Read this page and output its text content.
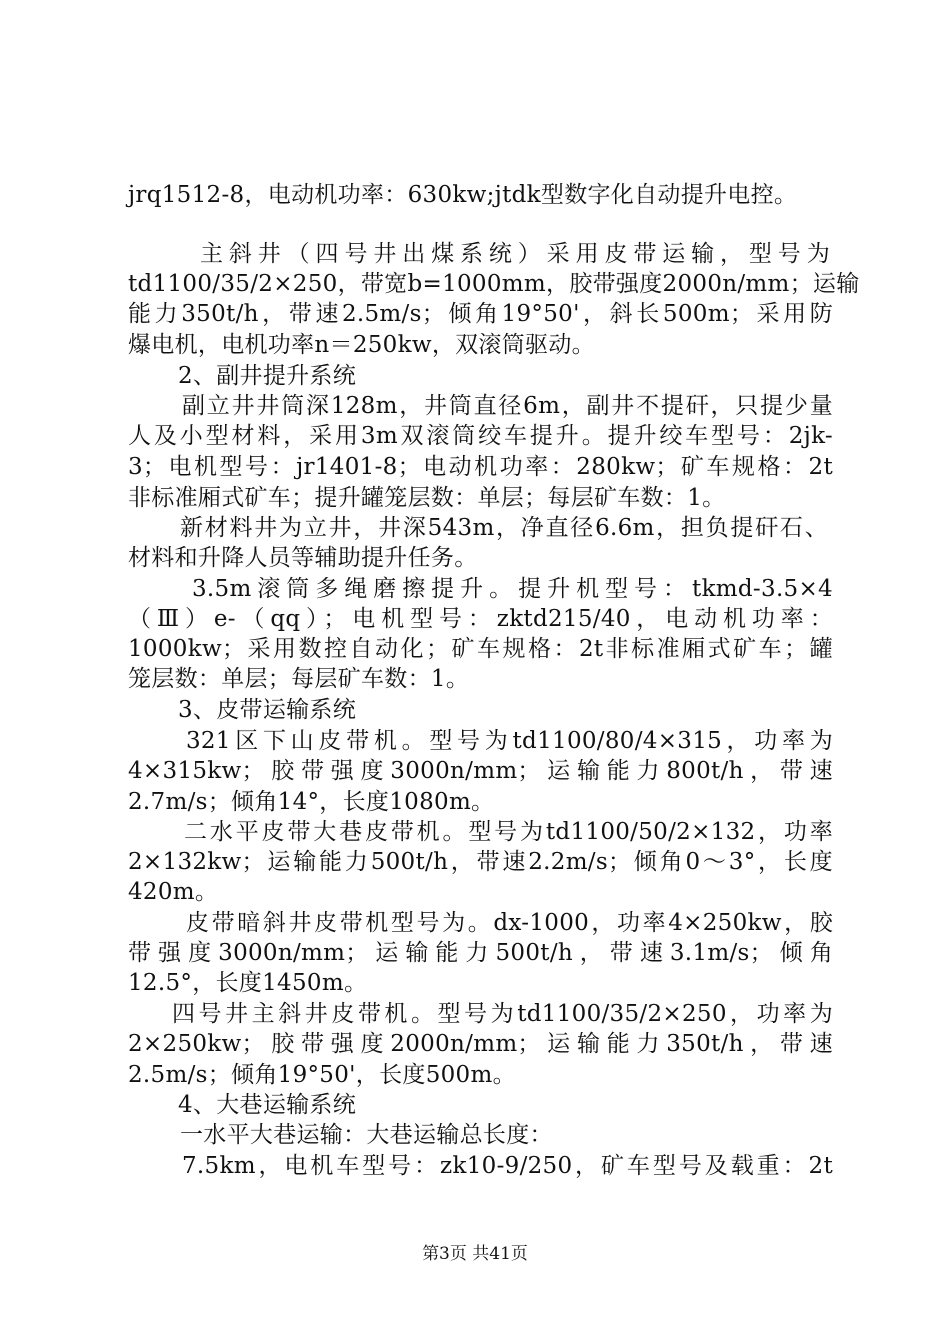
jrq1512-8，电动机功率：630kw;jtdk型数字化自动提升电控。
主斜井（四号井出煤系统）采用皮带运输，型号为
td1100/35/2×250，带宽b=1000mm，胶带强度2000n/mm；运输
能力350t/h，带速2.5m/s；倾角19°50'，斜长500m；采用防
爆电机，电机功率n＝250kw，双滚筒驱动。
2、副井提升系统
副立井井筒深128m，井筒直径6m，副井不提矸，只提少量
人及小型材料，采用3m双滚筒绞车提升。提升绞车型号：2jk-
3；电机型号：jr1401-8；电动机功率：280kw；矿车规格：2t
非标准厢式矿车；提升罐笼层数：单层；每层矿车数：1。
新材料井为立井，井深543m，净直径6.6m，担负提矸石、
材料和升降人员等辅助提升任务。
3.5m滚筒多绳磨擦提升。提升机型号：tkmd-3.5×4
（Ⅲ）e-（qq）；电机型号：zktd215/40，电动机功率：
1000kw；采用数控自动化；矿车规格：2t非标准厢式矿车；罐
笼层数：单层；每层矿车数：1。
3、皮带运输系统
321区下山皮带机。型号为td1100/80/4×315，功率为
4×315kw；胶带强度3000n/mm；运输能力800t/h，带速
2.7m/s；倾角14°，长度1080m。
二水平皮带大巷皮带机。型号为td1100/50/2×132，功率
2×132kw；运输能力500t/h，带速2.2m/s；倾角0～3°，长度
420m。
皮带暗斜井皮带机型号为。dx-1000，功率4×250kw，胶
带强度3000n/mm；运输能力500t/h，带速3.1m/s；倾角
12.5°，长度1450m。
四号井主斜井皮带机。型号为td1100/35/2×250，功率为
2×250kw；胶带强度2000n/mm；运输能力350t/h，带速
2.5m/s；倾角19°50'，长度500m。
4、大巷运输系统
一水平大巷运输：大巷运输总长度：
7.5km，电机车型号：zk10-9/250，矿车型号及载重：2t
第3页 共41页
